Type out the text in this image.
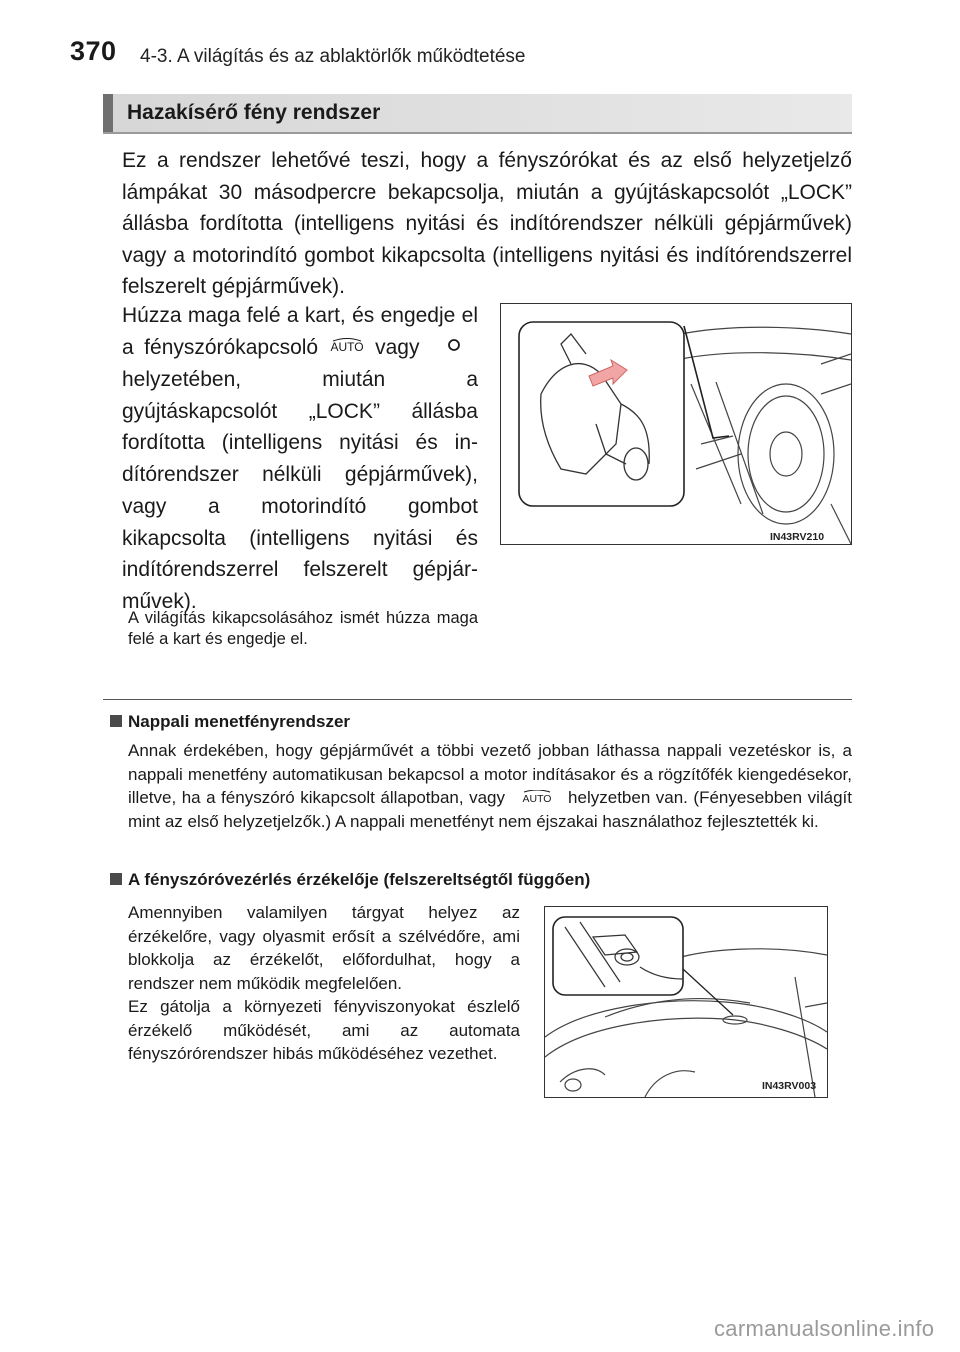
370 4-3. A világítás és az ablaktörlők működtetése
Hazakísérő fény rendszer
Ez a rendszer lehetővé teszi, hogy a fényszórókat és az első helyzetjelző lámpákat 30 másodpercre bekapcsolja, miután a gyújtáskapcsolót „LOCK” állásba fordította (intelligens nyitási és indítórendszer nélküli gépjárművek) vagy a motorindító gombot kikapcsolta (intelligens nyitási és indítórendszerrel felszerelt gépjárművek).
Húzza maga felé a kart, és engedje el a fényszórókapcsoló AUTO vagy  helyzetében, miután a gyújtáskapcsolót „LOCK” állásba fordította (intelligens nyitási és indítórendszer nélküli gépjárművek), vagy a motorindító gombot kikapcsolta (intelligens nyitási és indítórendszerrel felszerelt gépjárművek).
A világítás kikapcsolásához ismét húzza maga felé a kart és engedje el.
IN43RV210
Nappali menetfényrendszer
Annak érdekében, hogy gépjárművét a többi vezető jobban láthassa nappali vezetéskor is, a nappali menetfény automatikusan bekapcsol a motor indításakor és a rögzítőfék kiengedésekor, illetve, ha a fényszóró kikapcsolt állapotban, vagy AUTO helyzetben van. (Fényesebben világít mint az első helyzetjelzők.) A nappali menetfényt nem éjszakai használathoz fejlesztették ki.
A fényszóróvezérlés érzékelője (felszereltségtől függően)
Amennyiben valamilyen tárgyat helyez az érzékelőre, vagy olyasmit erősít a szélvédőre, ami blokkolja az érzékelőt, előfordulhat, hogy a rendszer nem működik megfelelően.
Ez gátolja a környezeti fényviszonyokat észlelő érzékelő működését, ami az automata fényszórórendszer hibás működéséhez vezethet.
IN43RV003
carmanualsonline.info
